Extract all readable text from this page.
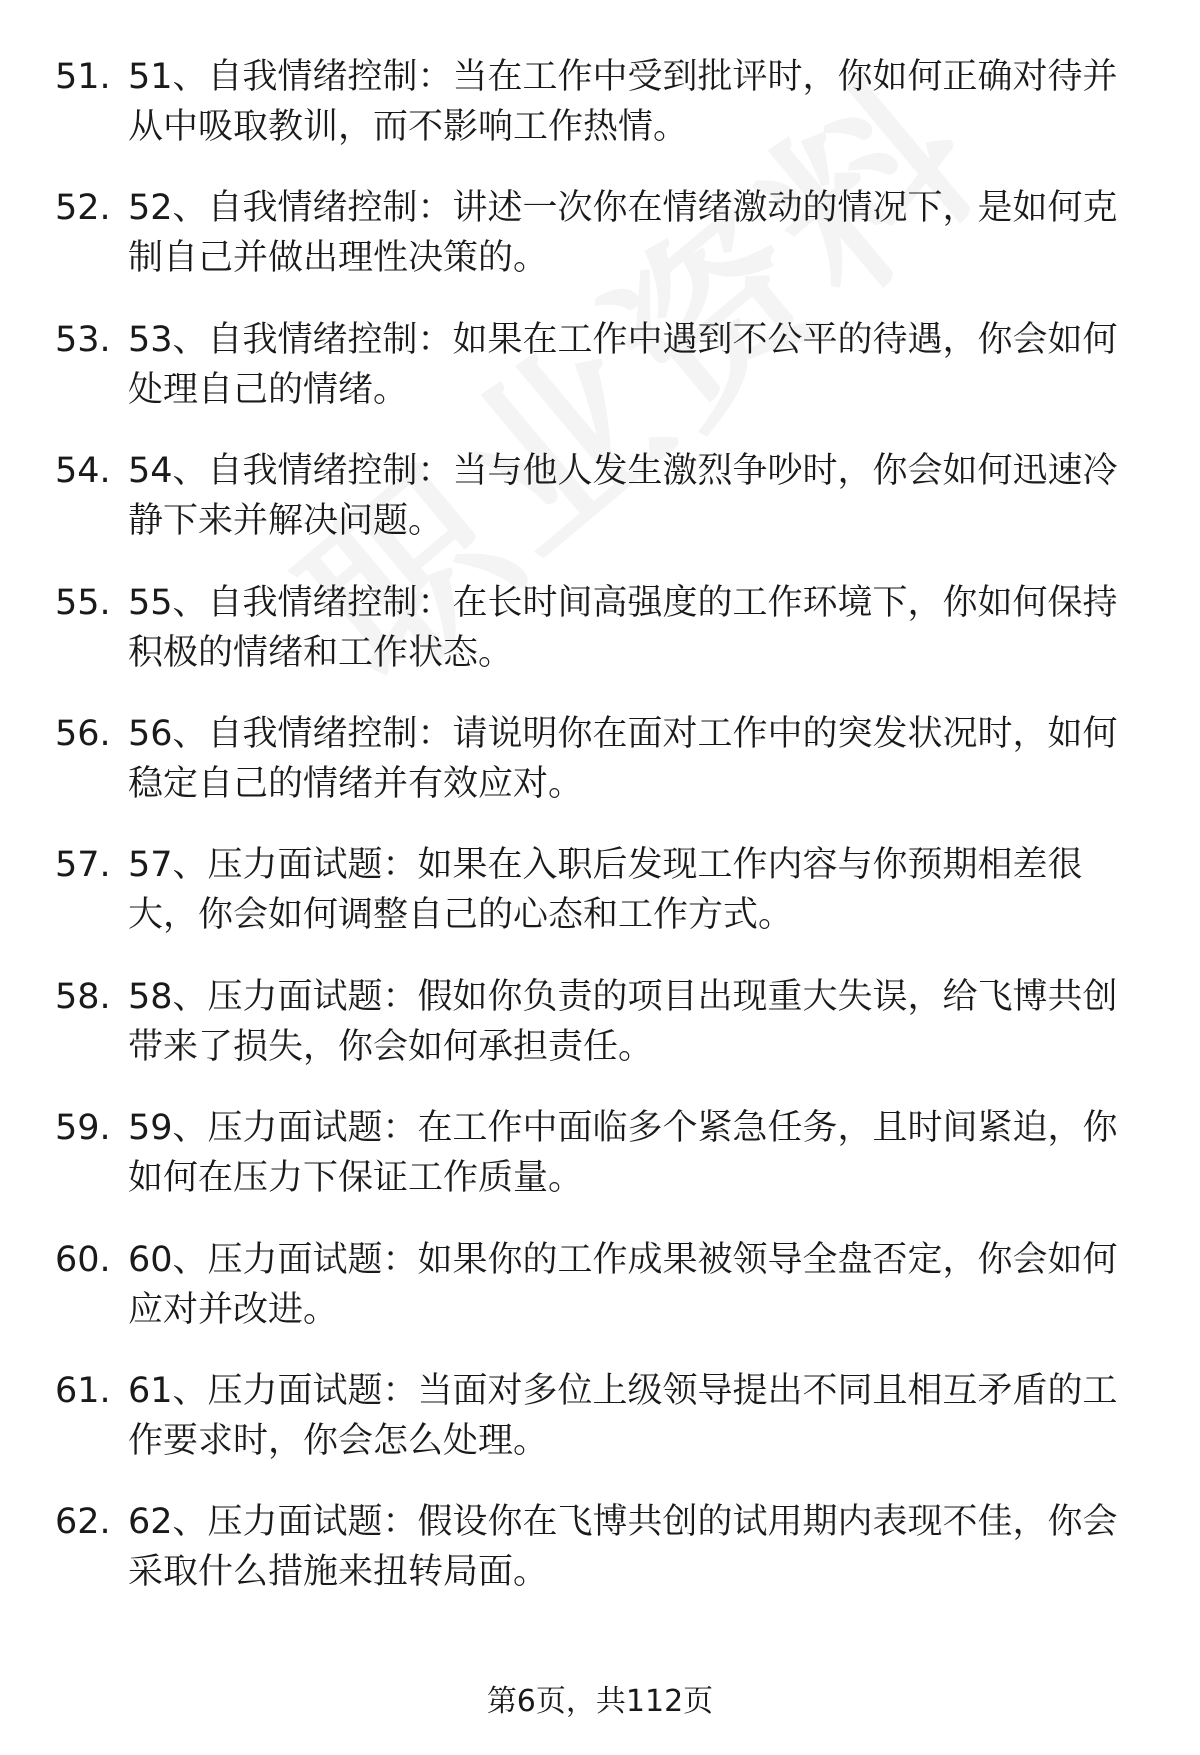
51. 51、自我情绪控制：当在工作中受到批评时，你如何正确对待并
从中吸取教训，而不影响工作热情。
52. 52、自我情绪控制：讲述一次你在情绪激动的情况下，是如何克
制自己并做出理性决策的。
53. 53、自我情绪控制：如果在工作中遇到不公平的待遇，你会如何
处理自己的情绪。
54. 54、自我情绪控制：当与他人发生激烈争吵时，你会如何迅速冷
静下来并解决问题。
55. 55、自我情绪控制：在长时间高强度的工作环境下，你如何保持
积极的情绪和工作状态。
56. 56、自我情绪控制：请说明你在面对工作中的突发状况时，如何
稳定自己的情绪并有效应对。
57. 57、压力面试题：如果在入职后发现工作内容与你预期相差很
大，你会如何调整自己的心态和工作方式。
58. 58、压力面试题：假如你负责的项目出现重大失误，给飞博共创
带来了损失，你会如何承担责任。
59. 59、压力面试题：在工作中面临多个紧急任务，且时间紧迫，你
如何在压力下保证工作质量。
60. 60、压力面试题：如果你的工作成果被领导全盘否定，你会如何
应对并改进。
61. 61、压力面试题：当面对多位上级领导提出不同且相互矛盾的工
作要求时，你会怎么处理。
62. 62、压力面试题：假设你在飞博共创的试用期内表现不佳，你会
采取什么措施来扭转局面。
第6页，共112页
